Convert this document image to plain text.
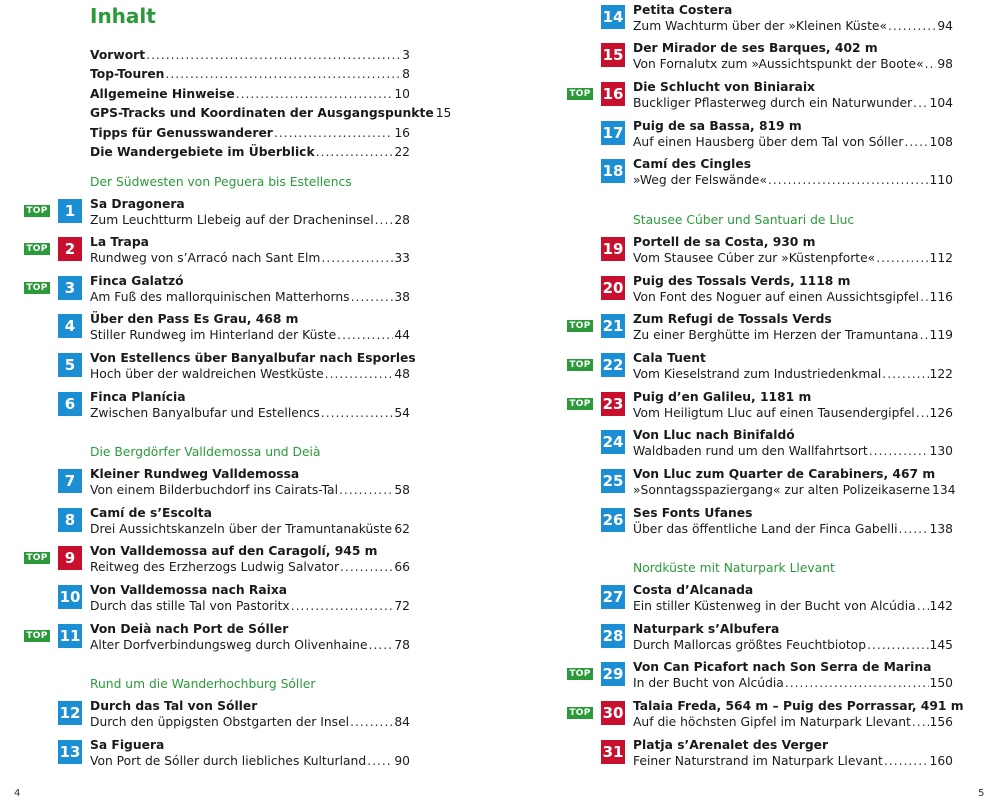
Inhalt
Vorwort .....	3
Top-Touren .....	8
Allgemeine Hinweise .....	10
GPS-Tracks und Koordinaten der Ausgangspunkte 15
Tipps für Genusswanderer .....	16
Die Wandergebiete im Überblick .....	22
Der Südwesten von Peguera bis Estellencs
Die Bergdörfer Valldemossa und Deià
Rund um die Wanderhochburg Sóller
TOP	1	Sa Dragonera
Zum Leuchtturm Llebeig auf der Dracheninsel ..... 28
TOP	2	La Trapa
Rundweg von s’Arracó nach Sant Elm .....	33
TOP	3	Finca Galatzó
Am Fuß des mallorquinischen Matterhorns .....	38
4	Über den Pass Es Grau, 468 m
Stiller Rundweg im Hinterland der Küste .....	44
5	Von Estellencs über Banyalbufar nach Esporles
Hoch über der waldreichen Westküste .....	48
6	Finca Planícia
Zwischen Banyalbufar und Estellencs .....	54
7	Kleiner Rundweg Valldemossa
Von einem Bilderbuchdorf ins Cairats-Tal .....	58
8	Camí de s’Escolta
Drei Aussichtskanzeln über der Tramuntanaküste ..... 62
TOP	9	Von Valldemossa auf den Caragolí, 945 m
Reitweg des Erzherzogs Ludwig Salvator .....	66
10 Von Valldemossa nach Raixa
Durch das stille Tal von Pastoritx .....	72
TOP 11 Von Deià nach Port de Sóller
Alter Dorfverbindungsweg durch Olivenhaine ..... 78
12 Durch das Tal von Sóller
Durch den üppigsten Obstgarten der Insel .....	84
13 Sa Figuera
Von Port de Sóller durch liebliches Kulturland ..... 90
4
Stausee Cúber und Santuari de Lluc
Nordküste mit Naturpark Llevant
14 Petita Costera
Zum Wachturm über der »Kleinen Küste« .....	94
15 Der Mirador de ses Barques, 402 m
Von Fornalutx zum »Aussichtspunkt der Boote« ..... 98
TOP 16 Die Schlucht von Biniaraix
Buckliger Pflasterweg durch ein Naturwunder ..... 104
17 Puig de sa Bassa, 819 m
Auf einen Hausberg über dem Tal von Sóller ..... 108
18 Camí des Cingles
»Weg der Felswände« .....	110
19 Portell de sa Costa, 930 m
Vom Stausee Cúber zur »Küstenpforte« .....	112
20 Puig des Tossals Verds, 1118 m
Von Font des Noguer auf einen Aussichtsgipfel ..... 116
TOP 21 Zum Refugi de Tossals Verds
Zu einer Berghütte im Herzen der Tramuntana ..... 119
TOP 22 Cala Tuent
Vom Kieselstrand zum Industriedenkmal .....	122
TOP 23 Puig d’en Galileu, 1181 m
Vom Heiligtum Lluc auf einen Tausendergipfel ..... 126
24 Von Lluc nach Binifaldó
Waldbaden rund um den Wallfahrtsort .....	130
25 Von Lluc zum Quarter de Carabiners, 467 m
»Sonntagsspaziergang« zur alten Polizeikaserne 134
26 Ses Fonts Ufanes
Über das öffentliche Land der Finca Gabelli .....	138
27 Costa d’Alcanada
Ein stiller Küstenweg in der Bucht von Alcúdia ..... 142
28 Naturpark s’Albufera
Durch Mallorcas größtes Feuchtbiotop .....	145
TOP 29 Von Can Picafort nach Son Serra de Marina
In der Bucht von Alcúdia .....	150
TOP 30 Talaia Freda, 564 m – Puig des Porrassar, 491 m
Auf die höchsten Gipfel im Naturpark Llevant ..... 156
31 Platja s’Arenalet des Verger
Feiner Naturstrand im Naturpark Llevant .....	160
5
